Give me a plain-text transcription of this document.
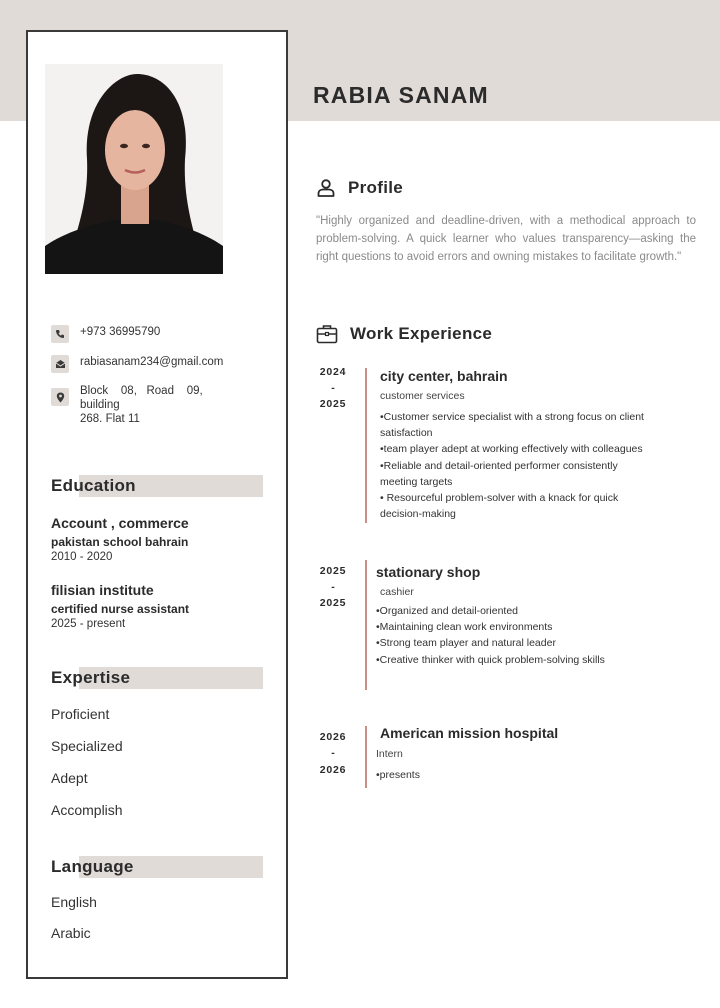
RABIA SANAM
+973 36995790
rabiasanam234@gmail.com
Block    08,   Road    09,
building
268. Flat 11
Education
Account , commerce
pakistan school bahrain
2010 - 2020
filisian institute
certified nurse assistant
2025 - present
Expertise
Proficient
Specialized
Adept
Accomplish
Language
English
Arabic
Profile
"Highly organized and deadline-driven, with a methodical approach to problem-solving. A quick learner who values transparency—asking the right questions to avoid errors and owning mistakes to facilitate growth."
Work Experience
2024
-
2025
city center, bahrain
customer services
•Customer service specialist with a strong focus on client
satisfaction
•team player adept at working effectively with colleagues
•Reliable and detail-oriented performer consistently
meeting targets
• Resourceful problem-solver with a knack for quick
decision-making
2025
-
2025
stationary shop
cashier
•Organized and detail-oriented
•Maintaining clean work environments
•Strong team player and natural leader
•Creative thinker with quick problem-solving skills
2026
-
2026
American mission hospital
Intern
•presents
